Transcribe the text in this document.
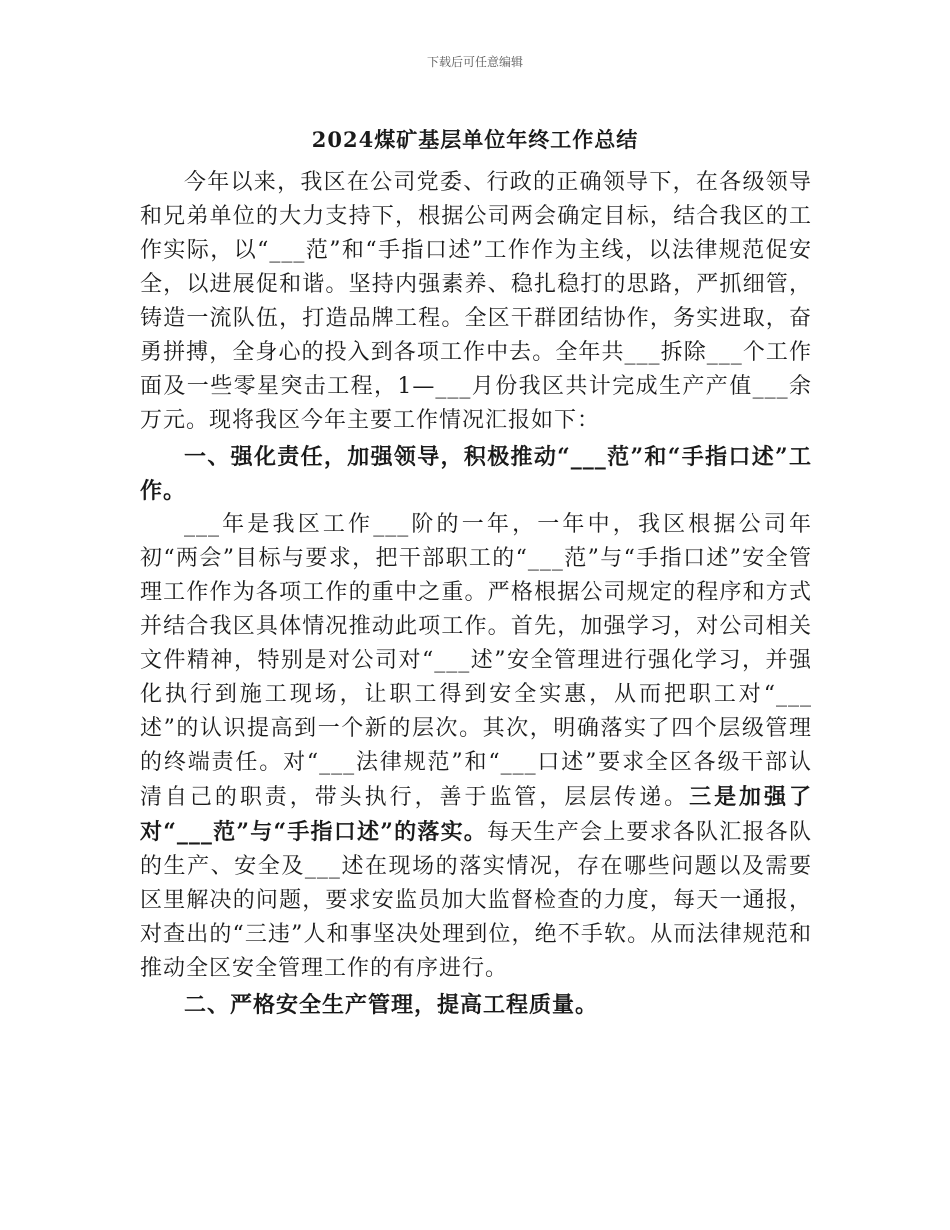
下载后可任意编辑
2024煤矿基层单位年终工作总结

今年以来，我区在公司党委、行政的正确领导下，在各级领导和兄弟单位的大力支持下，根据公司两会确定目标，结合我区的工作实际，以“___范”和“手指口述”工作作为主线，以法律规范促安全，以进展促和谐。坚持内强素养、稳扎稳打的思路，严抓细管，铸造一流队伍，打造品牌工程。全区干群团结协作，务实进取，奋勇拼搏，全身心的投入到各项工作中去。全年共___拆除___个工作面及一些零星突击工程，1—___月份我区共计完成生产产值___余万元。现将我区今年主要工作情况汇报如下：

一、强化责任，加强领导，积极推动“___范”和“手指口述”工作。

___年是我区工作___阶的一年，一年中，我区根据公司年初“两会”目标与要求，把干部职工的“___范”与“手指口述”安全管理工作作为各项工作的重中之重。严格根据公司规定的程序和方式并结合我区具体情况推动此项工作。首先，加强学习，对公司相关文件精神，特别是对公司对“___述”安全管理进行强化学习，并强化执行到施工现场，让职工得到安全实惠，从而把职工对“___述”的认识提高到一个新的层次。其次，明确落实了四个层级管理的终端责任。对“___法律规范”和“___口述”要求全区各级干部认清自己的职责，带头执行，善于监管，层层传递。三是加强了对“___范”与“手指口述”的落实。每天生产会上要求各队汇报各队的生产、安全及___述在现场的落实情况，存在哪些问题以及需要区里解决的问题，要求安监员加大监督检查的力度，每天一通报，对查出的“三违”人和事坚决处理到位，绝不手软。从而法律规范和推动全区安全管理工作的有序进行。

二、严格安全生产管理，提高工程质量。
